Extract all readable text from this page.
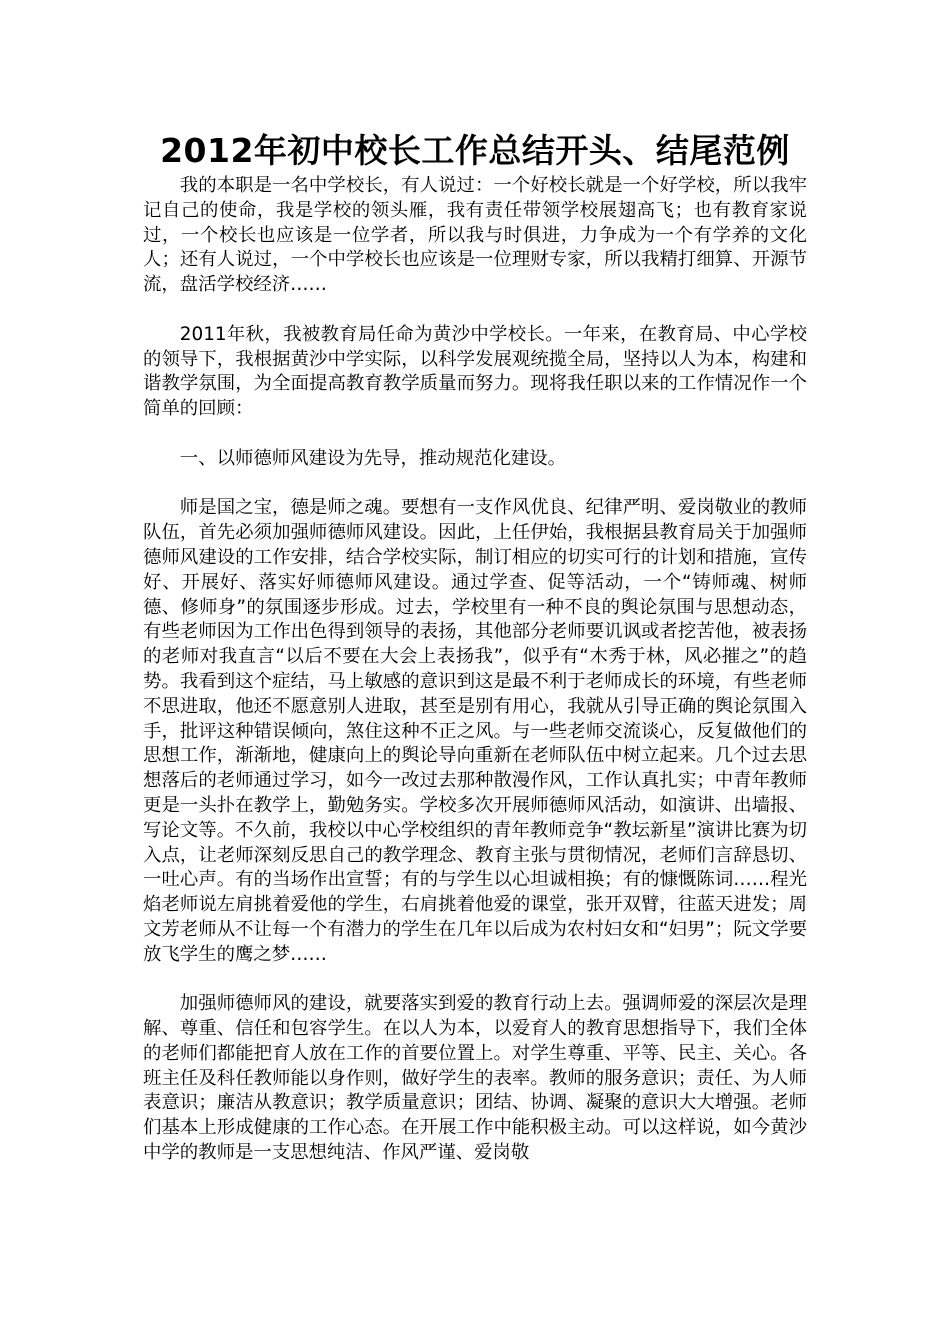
2012年初中校长工作总结开头、结尾范例

我的本职是一名中学校长，有人说过：一个好校长就是一个好学校，所以我牢记自己的使命，我是学校的领头雁，我有责任带领学校展翅高飞；也有教育家说过，一个校长也应该是一位学者，所以我与时俱进，力争成为一个有学养的文化人；还有人说过，一个中学校长也应该是一位理财专家，所以我精打细算、开源节流，盘活学校经济……

2011年秋，我被教育局任命为黄沙中学校长。一年来，在教育局、中心学校的领导下，我根据黄沙中学实际，以科学发展观统揽全局，坚持以人为本，构建和谐教学氛围，为全面提高教育教学质量而努力。现将我任职以来的工作情况作一个简单的回顾：

一、以师德师风建设为先导，推动规范化建设。

师是国之宝，德是师之魂。要想有一支作风优良、纪律严明、爱岗敬业的教师队伍，首先必须加强师德师风建设。因此，上任伊始，我根据县教育局关于加强师德师风建设的工作安排，结合学校实际，制订相应的切实可行的计划和措施，宣传好、开展好、落实好师德师风建设。通过学查、促等活动，一个“铸师魂、树师德、修师身”的氛围逐步形成。过去，学校里有一种不良的舆论氛围与思想动态，有些老师因为工作出色得到领导的表扬，其他部分老师要讥讽或者挖苦他，被表扬的老师对我直言“以后不要在大会上表扬我”，似乎有“木秀于林，风必摧之”的趋势。我看到这个症结，马上敏感的意识到这是最不利于老师成长的环境，有些老师不思进取，他还不愿意别人进取，甚至是别有用心，我就从引导正确的舆论氛围入手，批评这种错误倾向，煞住这种不正之风。与一些老师交流谈心，反复做他们的思想工作，渐渐地，健康向上的舆论导向重新在老师队伍中树立起来。几个过去思想落后的老师通过学习，如今一改过去那种散漫作风，工作认真扎实；中青年教师更是一头扑在教学上，勤勉务实。学校多次开展师德师风活动，如演讲、出墙报、写论文等。不久前，我校以中心学校组织的青年教师竞争“教坛新星”演讲比赛为切入点，让老师深刻反思自己的教学理念、教育主张与贯彻情况，老师们言辞恳切、一吐心声。有的当场作出宣誓；有的与学生以心坦诚相换；有的慷慨陈词……程光焰老师说左肩挑着爱他的学生，右肩挑着他爱的课堂，张开双臂，往蓝天进发；周文芳老师从不让每一个有潜力的学生在几年以后成为农村妇女和“妇男”；阮文学要放飞学生的鹰之梦……

加强师德师风的建设，就要落实到爱的教育行动上去。强调师爱的深层次是理解、尊重、信任和包容学生。在以人为本，以爱育人的教育思想指导下，我们全体的老师们都能把育人放在工作的首要位置上。对学生尊重、平等、民主、关心。各班主任及科任教师能以身作则，做好学生的表率。教师的服务意识；责任、为人师表意识；廉洁从教意识；教学质量意识；团结、协调、凝聚的意识大大增强。老师们基本上形成健康的工作心态。在开展工作中能积极主动。可以这样说，如今黄沙中学的教师是一支思想纯洁、作风严谨、爱岗敬
